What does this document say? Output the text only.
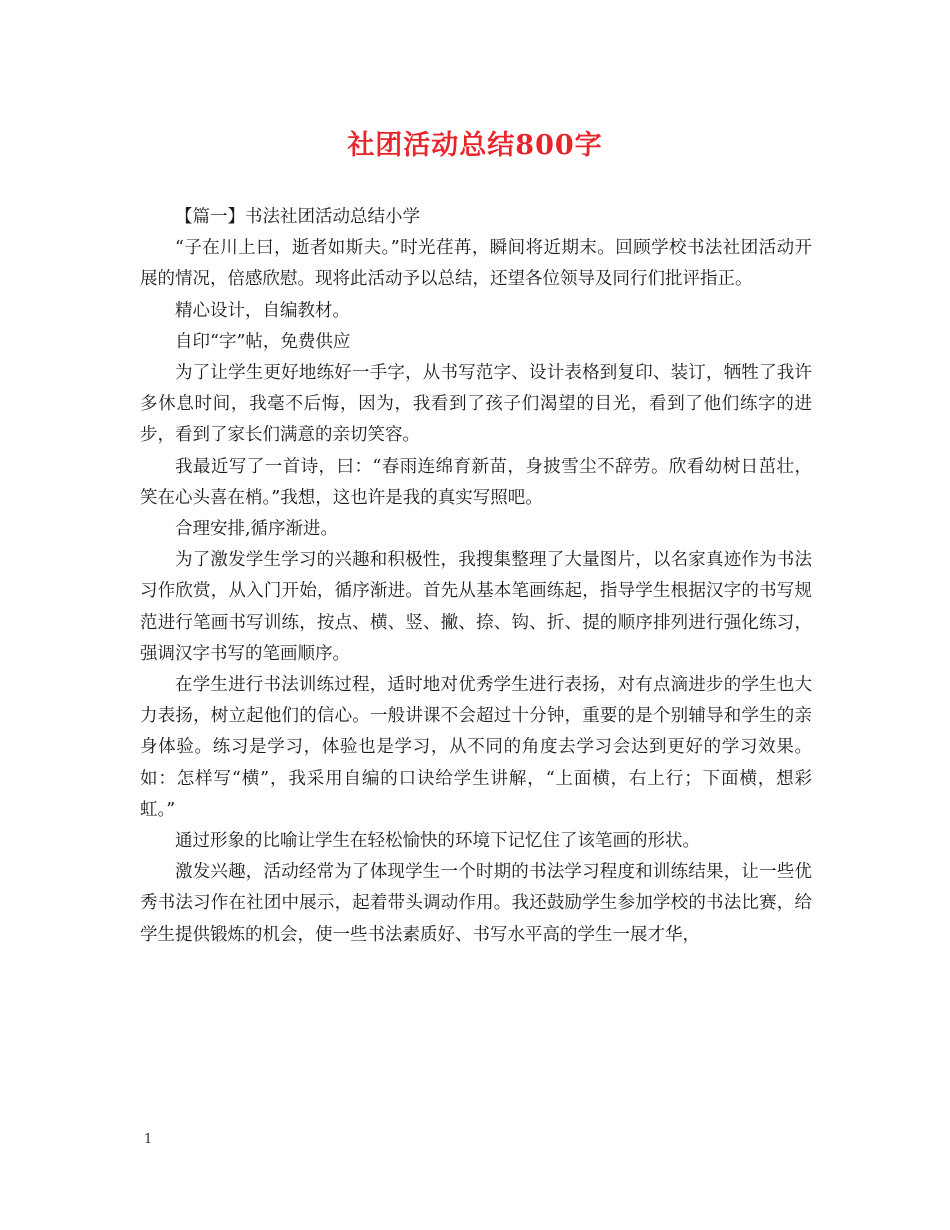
社团活动总结800字

【篇一】书法社团活动总结小学

“子在川上曰，逝者如斯夫。”时光荏苒，瞬间将近期末。回顾学校书法社团活动开展的情况，倍感欣慰。现将此活动予以总结，还望各位领导及同行们批评指正。

精心设计，自编教材。

自印“字”帖，免费供应

为了让学生更好地练好一手字，从书写范字、设计表格到复印、装订，牺牲了我许多休息时间，我毫不后悔，因为，我看到了孩子们渴望的目光，看到了他们练字的进步，看到了家长们满意的亲切笑容。

我最近写了一首诗，曰：“春雨连绵育新苗，身披雪尘不辞劳。欣看幼树日茁壮，笑在心头喜在梢。”我想，这也许是我的真实写照吧。

合理安排,循序渐进。

为了激发学生学习的兴趣和积极性，我搜集整理了大量图片，以名家真迹作为书法习作欣赏，从入门开始，循序渐进。首先从基本笔画练起，指导学生根据汉字的书写规范进行笔画书写训练，按点、横、竖、撇、捺、钩、折、提的顺序排列进行强化练习，强调汉字书写的笔画顺序。

在学生进行书法训练过程，适时地对优秀学生进行表扬，对有点滴进步的学生也大力表扬，树立起他们的信心。一般讲课不会超过十分钟，重要的是个别辅导和学生的亲身体验。练习是学习，体验也是学习，从不同的角度去学习会达到更好的学习效果。如：怎样写“横”，我采用自编的口诀给学生讲解，“上面横，右上行；下面横，想彩虹。”

通过形象的比喻让学生在轻松愉快的环境下记忆住了该笔画的形状。

激发兴趣，活动经常为了体现学生一个时期的书法学习程度和训练结果，让一些优秀书法习作在社团中展示，起着带头调动作用。我还鼓励学生参加学校的书法比赛，给学生提供锻炼的机会，使一些书法素质好、书写水平高的学生一展才华，

1
